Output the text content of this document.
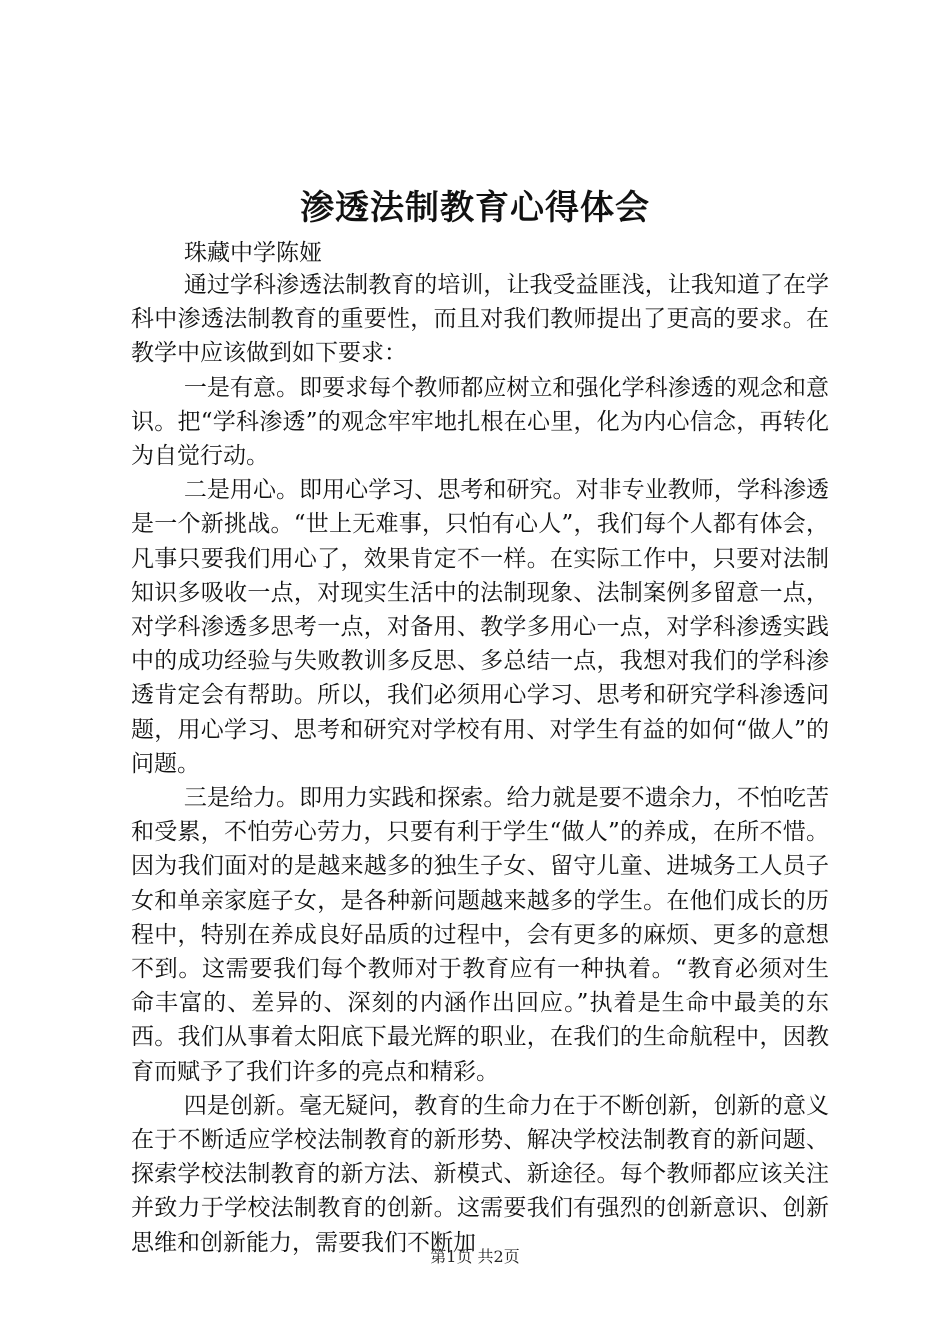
渗透法制教育心得体会
珠藏中学陈娅

通过学科渗透法制教育的培训，让我受益匪浅，让我知道了在学科中渗透法制教育的重要性，而且对我们教师提出了更高的要求。在教学中应该做到如下要求：

一是有意。即要求每个教师都应树立和强化学科渗透的观念和意识。把“学科渗透”的观念牢牢地扎根在心里，化为内心信念，再转化为自觉行动。

二是用心。即用心学习、思考和研究。对非专业教师，学科渗透是一个新挑战。“世上无难事，只怕有心人”，我们每个人都有体会，凡事只要我们用心了，效果肯定不一样。在实际工作中，只要对法制知识多吸收一点，对现实生活中的法制现象、法制案例多留意一点，对学科渗透多思考一点，对备用、教学多用心一点，对学科渗透实践中的成功经验与失败教训多反思、多总结一点，我想对我们的学科渗透肯定会有帮助。所以，我们必须用心学习、思考和研究学科渗透问题，用心学习、思考和研究对学校有用、对学生有益的如何“做人”的问题。

三是给力。即用力实践和探索。给力就是要不遗余力，不怕吃苦和受累，不怕劳心劳力，只要有利于学生“做人”的养成，在所不惜。因为我们面对的是越来越多的独生子女、留守儿童、进城务工人员子女和单亲家庭子女，是各种新问题越来越多的学生。在他们成长的历程中，特别在养成良好品质的过程中，会有更多的麻烦、更多的意想不到。这需要我们每个教师对于教育应有一种执着。“教育必须对生命丰富的、差异的、深刻的内涵作出回应。”执着是生命中最美的东西。我们从事着太阳底下最光辉的职业，在我们的生命航程中，因教育而赋予了我们许多的亮点和精彩。

四是创新。毫无疑问，教育的生命力在于不断创新，创新的意义在于不断适应学校法制教育的新形势、解决学校法制教育的新问题、探索学校法制教育的新方法、新模式、新途径。每个教师都应该关注并致力于学校法制教育的创新。这需要我们有强烈的创新意识、创新思维和创新能力，需要我们不断加

第1页 共2页
